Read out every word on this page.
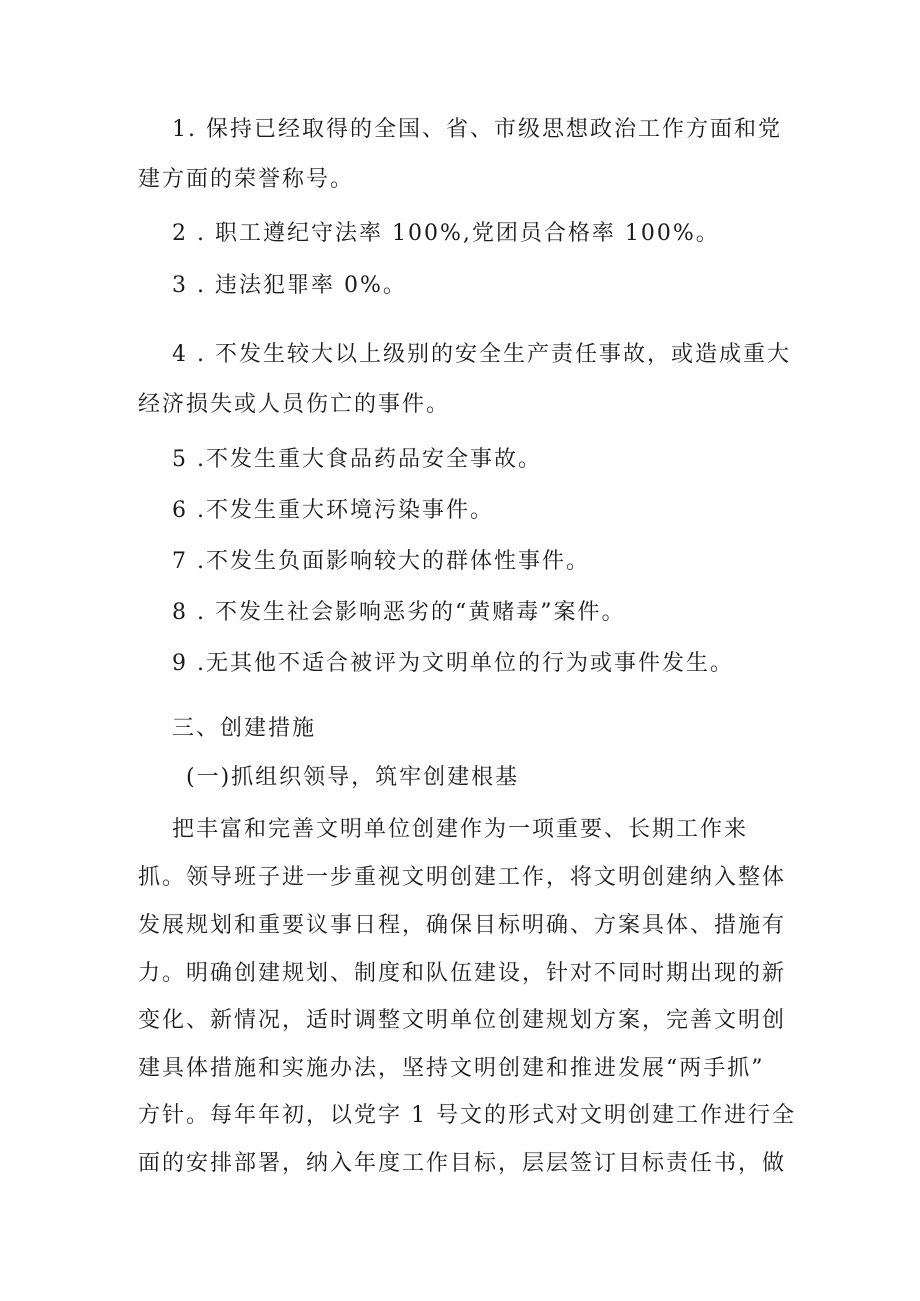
1. 保持已经取得的全国、省、市级思想政治工作方面和党
建方面的荣誉称号。
2 . 职工遵纪守法率 100%,党团员合格率 100%。
3 . 违法犯罪率 0%。
4 . 不发生较大以上级别的安全生产责任事故，或造成重大
经济损失或人员伤亡的事件。
5 .不发生重大食品药品安全事故。
6 .不发生重大环境污染事件。
7 .不发生负面影响较大的群体性事件。
8 . 不发生社会影响恶劣的“黄赌毒”案件。
9 .无其他不适合被评为文明单位的行为或事件发生。
三、创建措施
(一)抓组织领导，筑牢创建根基
把丰富和完善文明单位创建作为一项重要、长期工作来
抓。领导班子进一步重视文明创建工作，将文明创建纳入整体
发展规划和重要议事日程，确保目标明确、方案具体、措施有
力。明确创建规划、制度和队伍建设，针对不同时期出现的新
变化、新情况，适时调整文明单位创建规划方案，完善文明创
建具体措施和实施办法，坚持文明创建和推进发展“两手抓”
方针。每年年初，以党字 1 号文的形式对文明创建工作进行全
面的安排部署，纳入年度工作目标，层层签订目标责任书，做
